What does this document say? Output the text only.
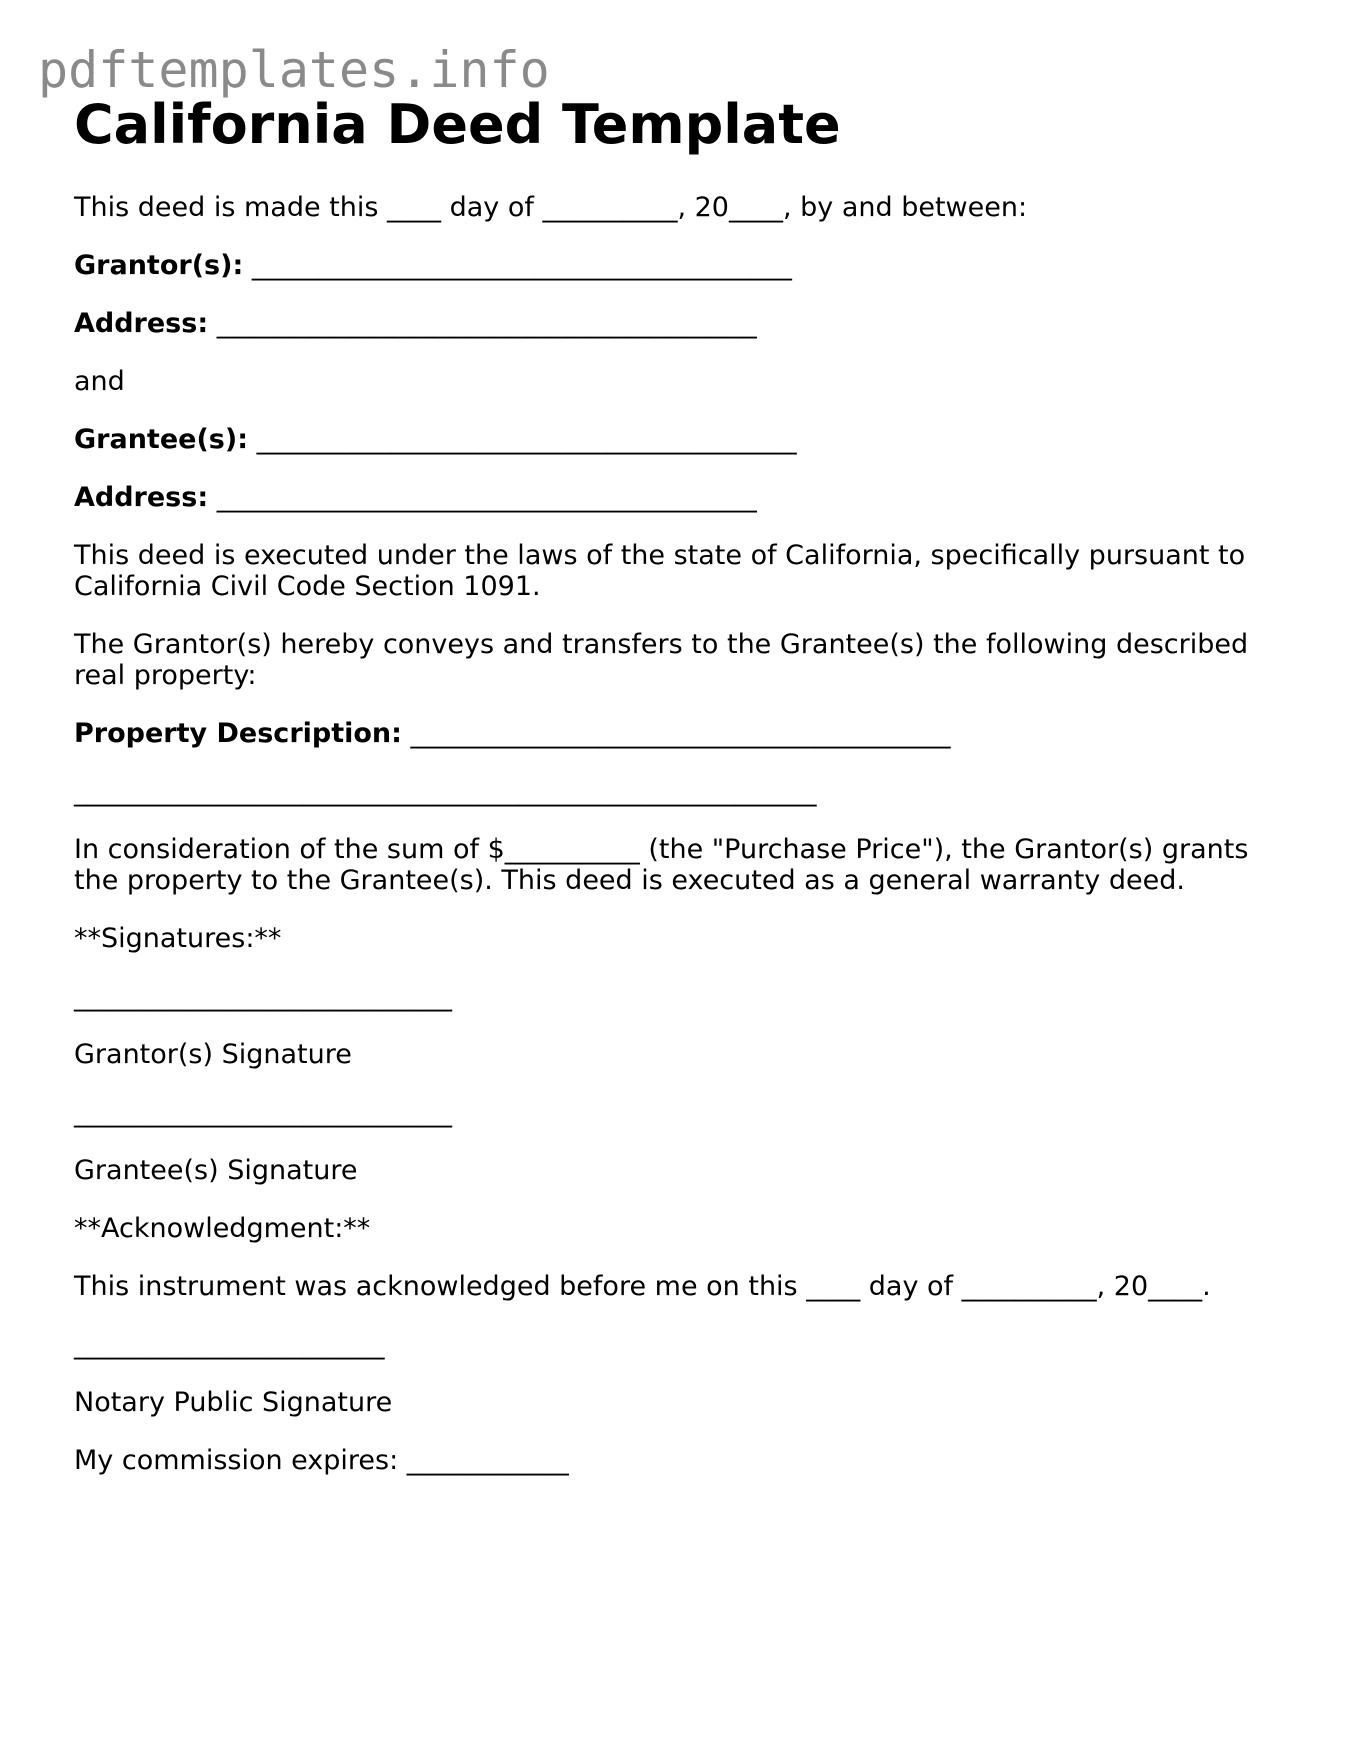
pdftemplates.info
California Deed Template
This deed is made this ____ day of __________, 20____, by and between:
Grantor(s): ________________________________________
Address: ________________________________________
and
Grantee(s): ________________________________________
Address: ________________________________________
This deed is executed under the laws of the state of California, specifically pursuant to California Civil Code Section 1091.
The Grantor(s) hereby conveys and transfers to the Grantee(s) the following described real property:
Property Description: ________________________________________
_______________________________________________________
In consideration of the sum of $__________ (the "Purchase Price"), the Grantor(s) grants the property to the Grantee(s). This deed is executed as a general warranty deed.
**Signatures:**
____________________________
Grantor(s) Signature
____________________________
Grantee(s) Signature
**Acknowledgment:**
This instrument was acknowledged before me on this ____ day of __________, 20____.
_______________________
Notary Public Signature
My commission expires: ____________
